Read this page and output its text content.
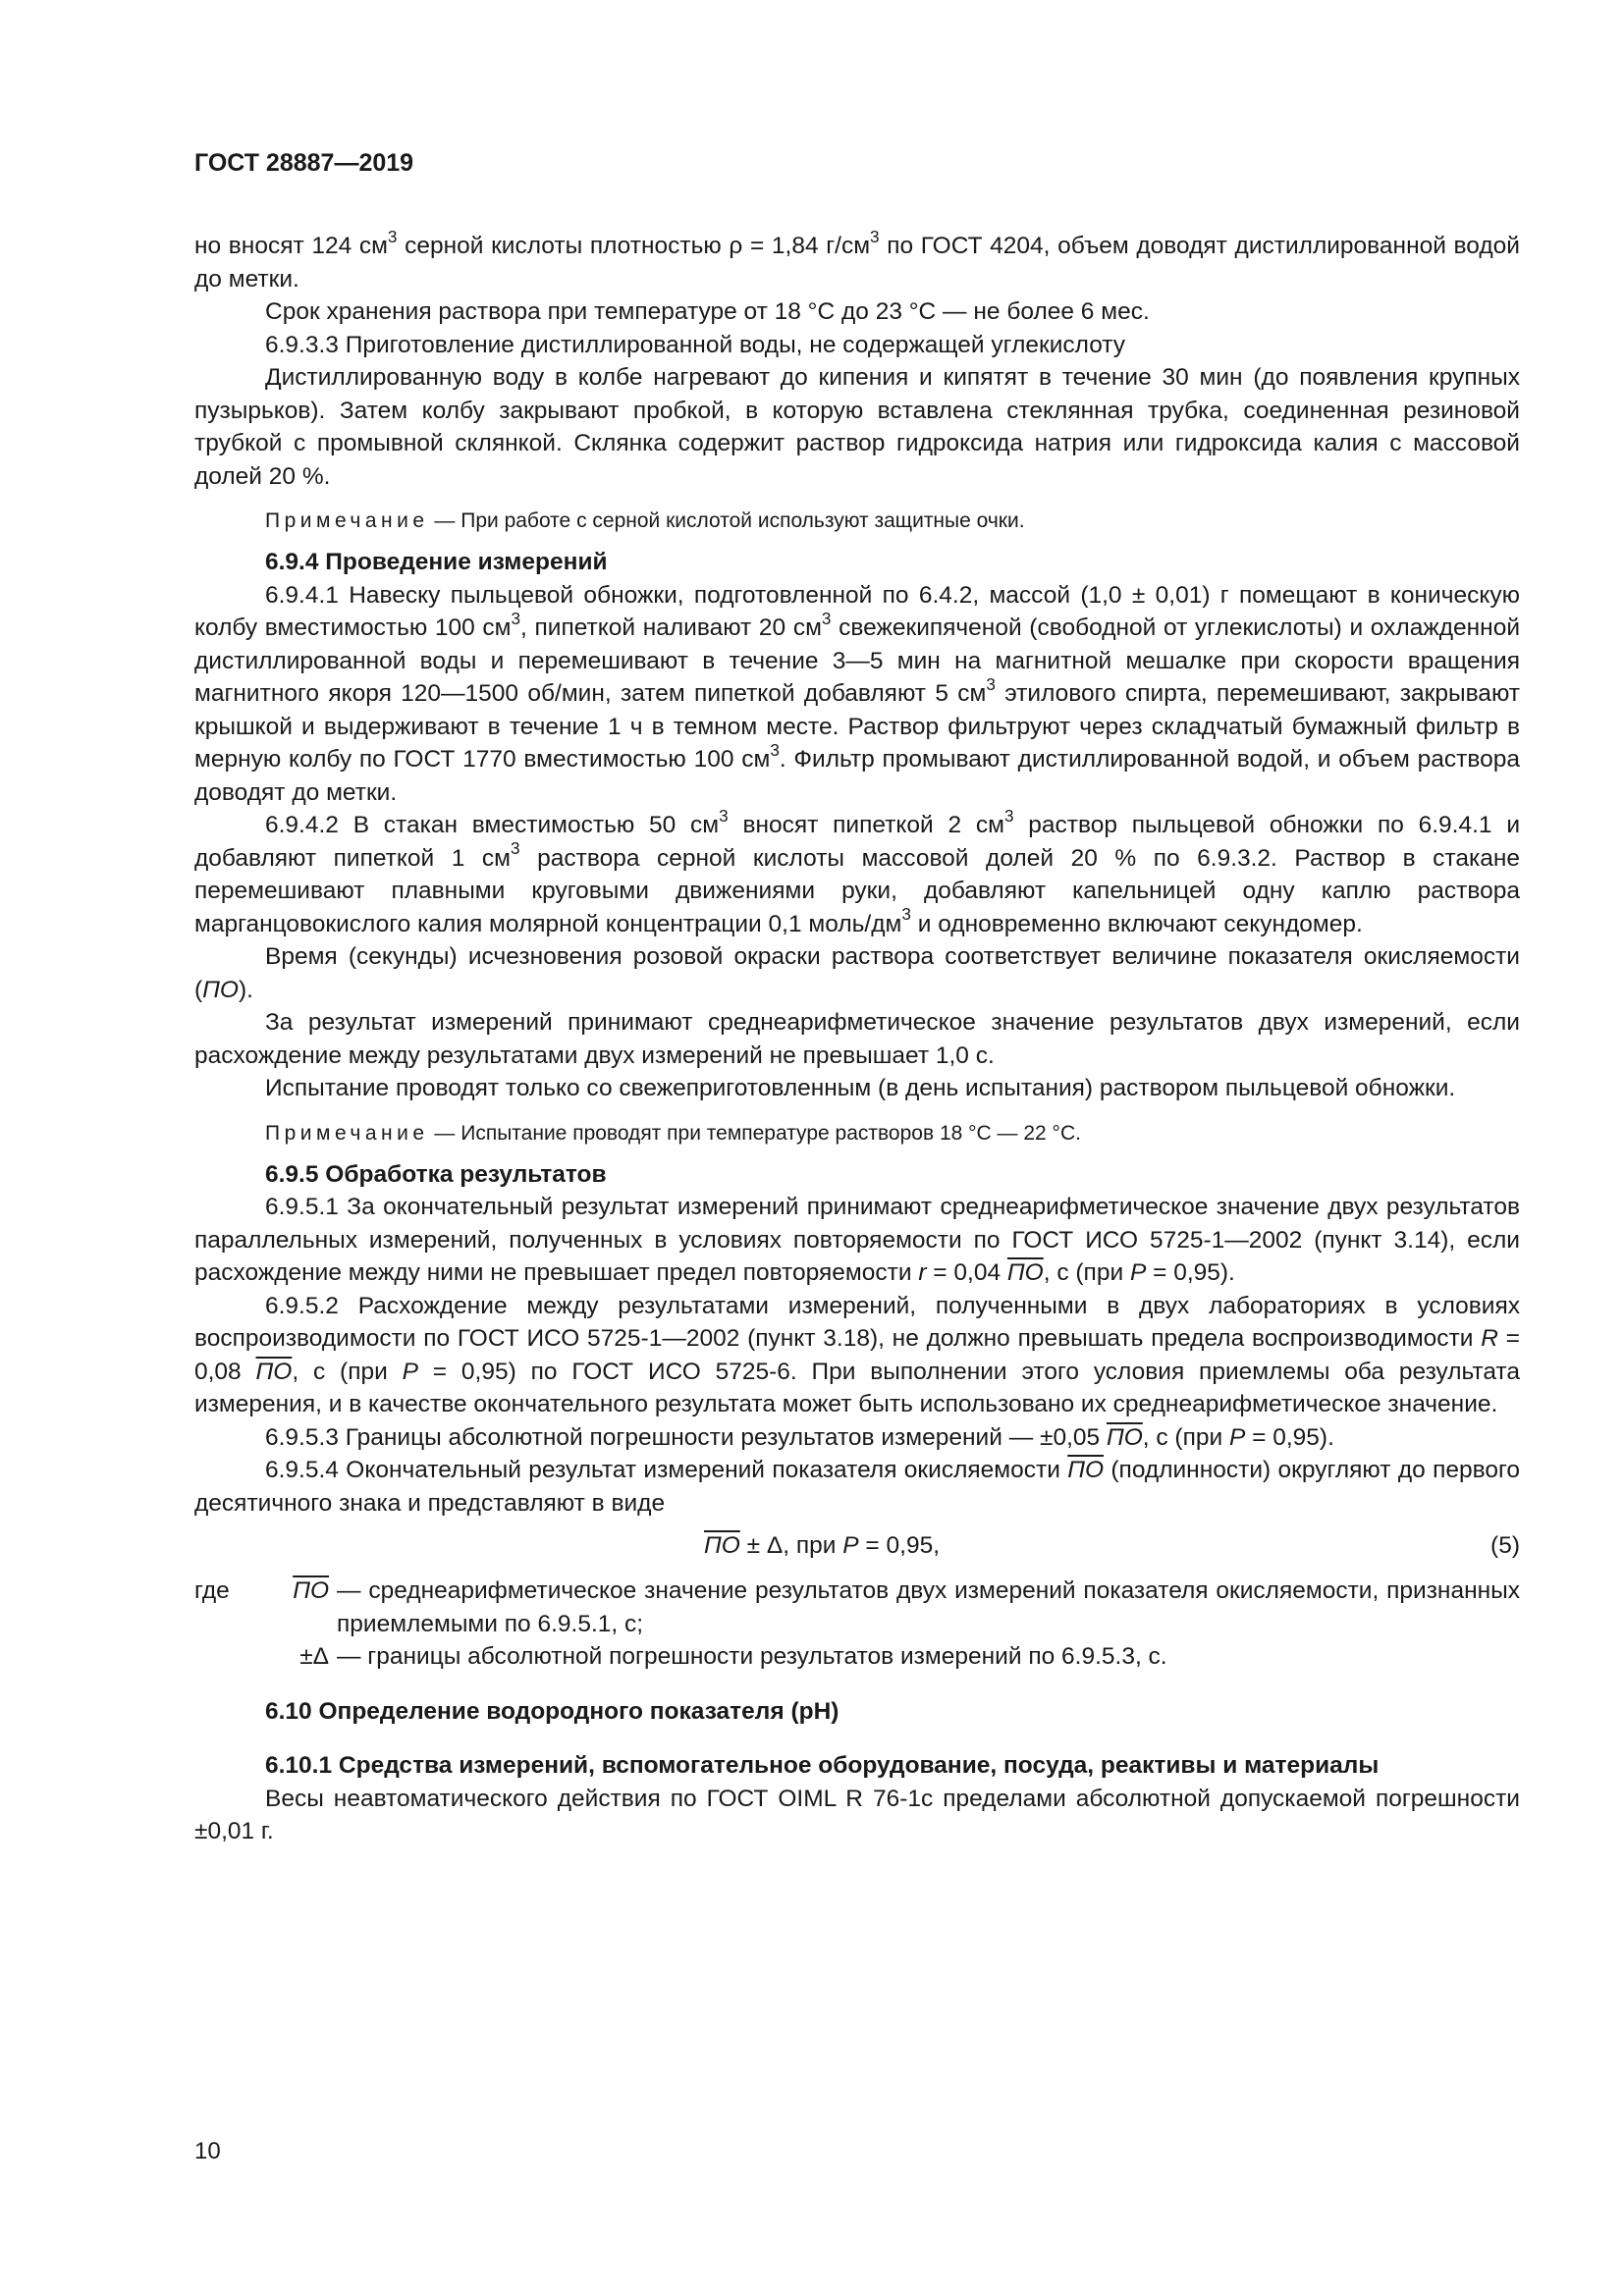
ГОСТ 28887—2019

но вносят 124 $см^3$ серной кислоты плотностью ρ = 1,84 $г/см^3$ по ГОСТ 4204, объем доводят дистиллированной водой до метки.

Срок хранения раствора при температуре от 18 °С до 23 °С — не более 6 мес.

6.9.3.3 Приготовление дистиллированной воды, не содержащей углекислоту

Дистиллированную воду в колбе нагревают до кипения и кипятят в течение 30 мин (до появления крупных пузырьков). Затем колбу закрывают пробкой, в которую вставлена стеклянная трубка, соединенная резиновой трубкой с промывной склянкой. Склянка содержит раствор гидроксида натрия или гидроксида калия с массовой долей 20 %.

Примечание — При работе с серной кислотой используют защитные очки.
6.9.4 Проведение измерений

6.9.4.1 Навеску пыльцевой обножки, подготовленной по 6.4.2, массой (1,0 ± 0,01) г помещают в коническую колбу вместимостью 100 $см^3$, пипеткой наливают 20 $см^3$ свежекипяченой (свободной от углекислоты) и охлажденной дистиллированной воды и перемешивают в течение 3—5 мин на магнитной мешалке при скорости вращения магнитного якоря 120—1500 об/мин, затем пипеткой добавляют 5 $см^3$ этилового спирта, перемешивают, закрывают крышкой и выдерживают в течение 1 ч в темном месте. Раствор фильтруют через складчатый бумажный фильтр в мерную колбу по ГОСТ 1770 вместимостью 100 $см^3$. Фильтр промывают дистиллированной водой, и объем раствора доводят до метки.

6.9.4.2 В стакан вместимостью 50 $см^3$ вносят пипеткой 2 $см^3$ раствор пыльцевой обножки по 6.9.4.1 и добавляют пипеткой 1 $см^3$ раствора серной кислоты массовой долей 20 % по 6.9.3.2. Раствор в стакане перемешивают плавными круговыми движениями руки, добавляют капельницей одну каплю раствора марганцовокислого калия молярной концентрации 0,1 моль/$дм^3$ и одновременно включают секундомер.

Время (секунды) исчезновения розовой окраски раствора соответствует величине показателя окисляемости (ПО).

За результат измерений принимают среднеарифметическое значение результатов двух измерений, если расхождение между результатами двух измерений не превышает 1,0 с.

Испытание проводят только со свежеприготовленным (в день испытания) раствором пыльцевой обножки.

Примечание — Испытание проводят при температуре растворов 18 °С — 22 °С.
6.9.5 Обработка результатов

6.9.5.1 За окончательный результат измерений принимают среднеарифметическое значение двух результатов параллельных измерений, полученных в условиях повторяемости по ГОСТ ИСО 5725-1—2002 (пункт 3.14), если расхождение между ними не превышает предел повторяемости r = 0,04 ПО, с (при P = 0,95).

6.9.5.2 Расхождение между результатами измерений, полученными в двух лабораториях в условиях воспроизводимости по ГОСТ ИСО 5725-1—2002 (пункт 3.18), не должно превышать предела воспроизводимости R = 0,08 ПО, с (при P = 0,95) по ГОСТ ИСО 5725-6. При выполнении этого условия приемлемы оба результата измерения, и в качестве окончательного результата может быть использовано их среднеарифметическое значение.

6.9.5.3 Границы абсолютной погрешности результатов измерений — ±0,05 ПО, с (при P = 0,95).

6.9.5.4 Окончательный результат измерений показателя окисляемости ПО (подлинности) округляют до первого десятичного знака и представляют в виде

ПО ± Δ, при P = 0,95,	(5)
где	ПО — среднеарифметическое значение результатов двух измерений показателя окисляемости, признанных приемлемыми по 6.9.5.1, с;
±Δ — границы абсолютной погрешности результатов измерений по 6.9.5.3, с.
6.10 Определение водородного показателя (рН)
6.10.1 Средства измерений, вспомогательное оборудование, посуда, реактивы и материалы

Весы неавтоматического действия по ГОСТ OIML R 76-1с пределами абсолютной допускаемой погрешности ±0,01 г.

10
